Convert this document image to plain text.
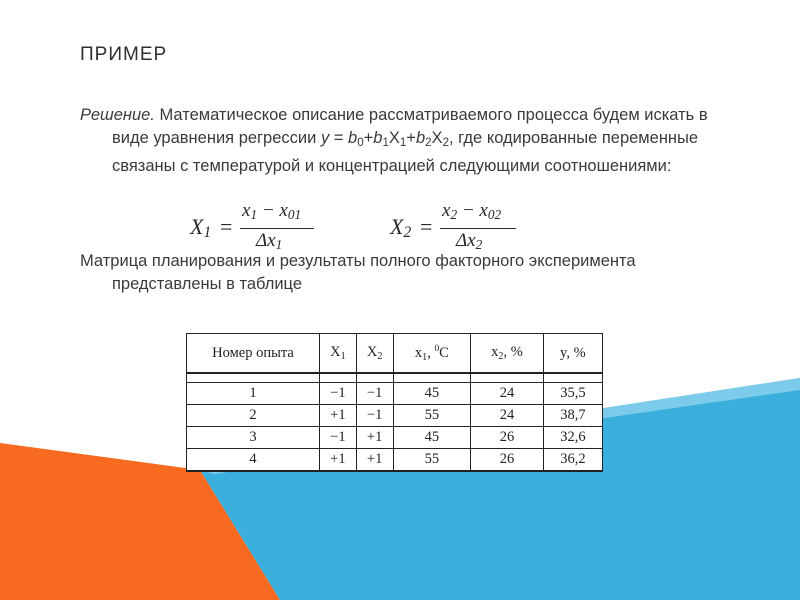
ПРИМЕР

Решение. Математическое описание рассматриваемого процесса будем искать в виде уравнения регрессии $y = b_0+b_1X_1+b_2X_2$, где кодированные переменные связаны с температурой и концентрацией следующими соотношениями:

Матрица планирования и результаты полного факторного эксперимента представлены в таблице

$X_1$ =
$x_1 - x_{01}$
$\Delta x_1$
$X_2$ =
$x_2 - x_{02}$
$\Delta x_2$
Номер опыта	$X_1$	$X_2$	$x_1$, $^0$C	$x_2$, %	y, %

1	−1	−1	45	24	35,5
2	+1	−1	55	24	38,7
3	−1	+1	45	26	32,6
4	+1	+1	55	26	36,2
